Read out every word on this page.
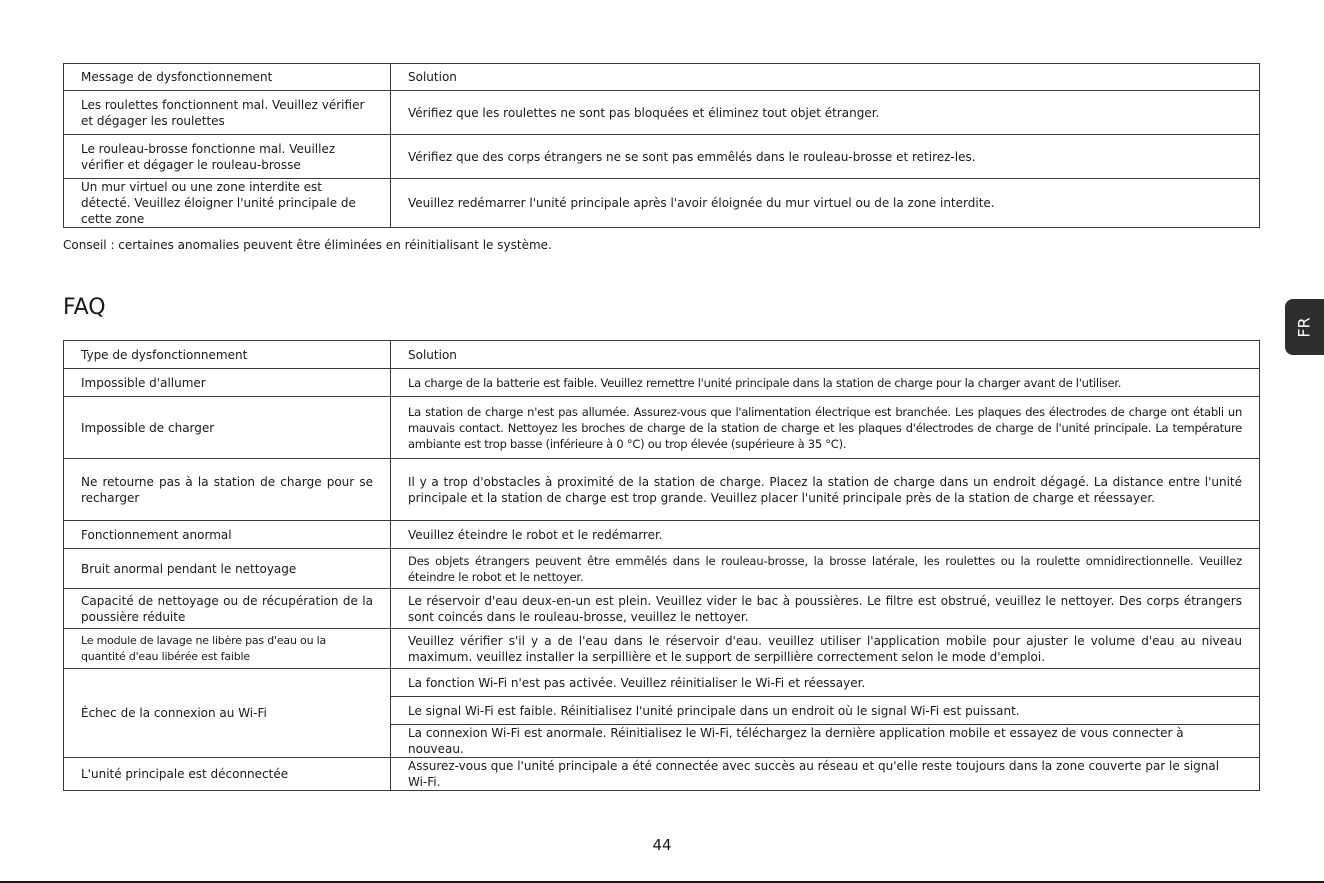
Message de dysfonctionnement	Solution
Les roulettes fonctionnent mal. Veuillez vérifier et dégager les roulettes	Vérifiez que les roulettes ne sont pas bloquées et éliminez tout objet étranger.
Le rouleau-brosse fonctionne mal. Veuillez vérifier et dégager le rouleau-brosse	Vérifiez que des corps étrangers ne se sont pas emmêlés dans le rouleau-brosse et retirez-les.
Un mur virtuel ou une zone interdite est détecté. Veuillez éloigner l'unité principale de cette zone	Veuillez redémarrer l'unité principale après l'avoir éloignée du mur virtuel ou de la zone interdite.
Conseil : certaines anomalies peuvent être éliminées en réinitialisant le système.
FAQ
Type de dysfonctionnement	Solution
Impossible d'allumer	La charge de la batterie est faible. Veuillez remettre l'unité principale dans la station de charge pour la charger avant de l'utiliser.
Impossible de charger	La station de charge n'est pas allumée. Assurez-vous que l'alimentation électrique est branchée. Les plaques des électrodes de charge ont établi un mauvais contact. Nettoyez les broches de charge de la station de charge et les plaques d'électrodes de charge de l'unité principale. La température ambiante est trop basse (inférieure à 0 °C) ou trop élevée (supérieure à 35 °C).
Ne retourne pas à la station de charge pour se recharger	Il y a trop d'obstacles à proximité de la station de charge. Placez la station de charge dans un endroit dégagé. La distance entre l'unité principale et la station de charge est trop grande. Veuillez placer l'unité principale près de la station de charge et réessayer.
Fonctionnement anormal	Veuillez éteindre le robot et le redémarrer.
Bruit anormal pendant le nettoyage	Des objets étrangers peuvent être emmêlés dans le rouleau-brosse, la brosse latérale, les roulettes ou la roulette omnidirectionnelle. Veuillez éteindre le robot et le nettoyer.
Capacité de nettoyage ou de récupération de la poussière réduite	Le réservoir d'eau deux-en-un est plein. Veuillez vider le bac à poussières. Le filtre est obstrué, veuillez le nettoyer. Des corps étrangers sont coincés dans le rouleau-brosse, veuillez le nettoyer.
Le module de lavage ne libère pas d'eau ou la quantité d'eau libérée est faible	Veuillez vérifier s'il y a de l'eau dans le réservoir d'eau. veuillez utiliser l'application mobile pour ajuster le volume d'eau au niveau maximum. veuillez installer la serpillière et le support de serpillière correctement selon le mode d'emploi.
Échec de la connexion au Wi-Fi	La fonction Wi-Fi n'est pas activée. Veuillez réinitialiser le Wi-Fi et réessayer.
	Le signal Wi-Fi est faible. Réinitialisez l'unité principale dans un endroit où le signal Wi-Fi est puissant.
	La connexion Wi-Fi est anormale. Réinitialisez le Wi-Fi, téléchargez la dernière application mobile et essayez de vous connecter à nouveau.
L'unité principale est déconnectée	Assurez-vous que l'unité principale a été connectée avec succès au réseau et qu'elle reste toujours dans la zone couverte par le signal Wi-Fi.
FR
44
